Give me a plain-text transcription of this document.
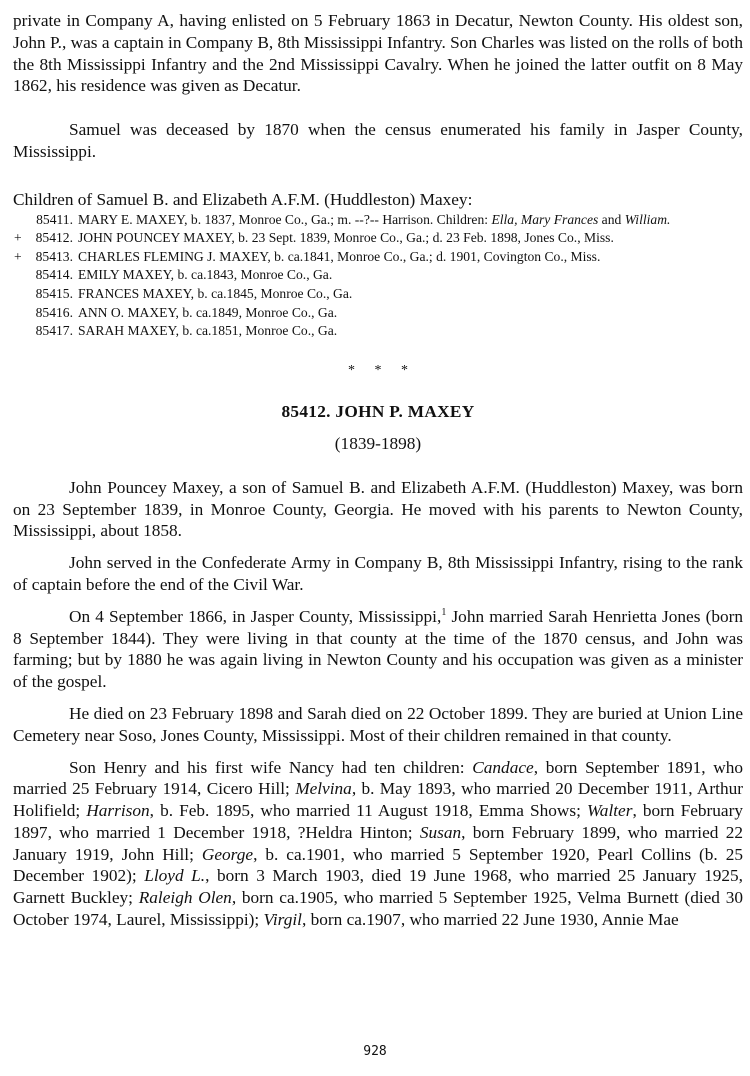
private in Company A, having enlisted on 5 February 1863 in Decatur, Newton County. His oldest son, John P., was a captain in Company B, 8th Mississippi Infantry. Son Charles was listed on the rolls of both the 8th Mississippi Infantry and the 2nd Mississippi Cavalry. When he joined the latter outfit on 8 May 1862, his residence was given as Decatur.

Samuel was deceased by 1870 when the census enumerated his family in Jasper County, Mississippi.

Children of Samuel B. and Elizabeth A.F.M. (Huddleston) Maxey:

85411. MARY E. MAXEY, b. 1837, Monroe Co., Ga.; m. --?-- Harrison. Children: Ella, Mary Frances and William.
+	85412. JOHN POUNCEY MAXEY, b. 23 Sept. 1839, Monroe Co., Ga.; d. 23 Feb. 1898, Jones Co., Miss.
+	85413. CHARLES FLEMING J. MAXEY, b. ca.1841, Monroe Co., Ga.; d. 1901, Covington Co., Miss.
85414. EMILY MAXEY, b. ca.1843, Monroe Co., Ga.
85415. FRANCES MAXEY, b. ca.1845, Monroe Co., Ga.
85416. ANN O. MAXEY, b. ca.1849, Monroe Co., Ga.
85417. SARAH MAXEY, b. ca.1851, Monroe Co., Ga.
* * *
85412. JOHN P. MAXEY
(1839-1898)

John Pouncey Maxey, a son of Samuel B. and Elizabeth A.F.M. (Huddleston) Maxey, was born on 23 September 1839, in Monroe County, Georgia. He moved with his parents to Newton County, Mississippi, about 1858.

John served in the Confederate Army in Company B, 8th Mississippi Infantry, rising to the rank of captain before the end of the Civil War.

On 4 September 1866, in Jasper County, Mississippi,$^1$ John married Sarah Henrietta Jones (born 8 September 1844). They were living in that county at the time of the 1870 census, and John was farming; but by 1880 he was again living in Newton County and his occupation was given as a minister of the gospel.

He died on 23 February 1898 and Sarah died on 22 October 1899. They are buried at Union Line Cemetery near Soso, Jones County, Mississippi. Most of their children remained in that county.

Son Henry and his first wife Nancy had ten children: Candace, born September 1891, who married 25 February 1914, Cicero Hill; Melvina, b. May 1893, who married 20 December 1911, Arthur Holifield; Harrison, b. Feb. 1895, who married 11 August 1918, Emma Shows; Walter, born February 1897, who married 1 December 1918, ?Heldra Hinton; Susan, born February 1899, who married 22 January 1919, John Hill; George, b. ca.1901, who married 5 September 1920, Pearl Collins (b. 25 December 1902); Lloyd L., born 3 March 1903, died 19 June 1968, who married 25 January 1925, Garnett Buckley; Raleigh Olen, born ca.1905, who married 5 September 1925, Velma Burnett (died 30 October 1974, Laurel, Mississippi); Virgil, born ca.1907, who married 22 June 1930, Annie Mae

928
